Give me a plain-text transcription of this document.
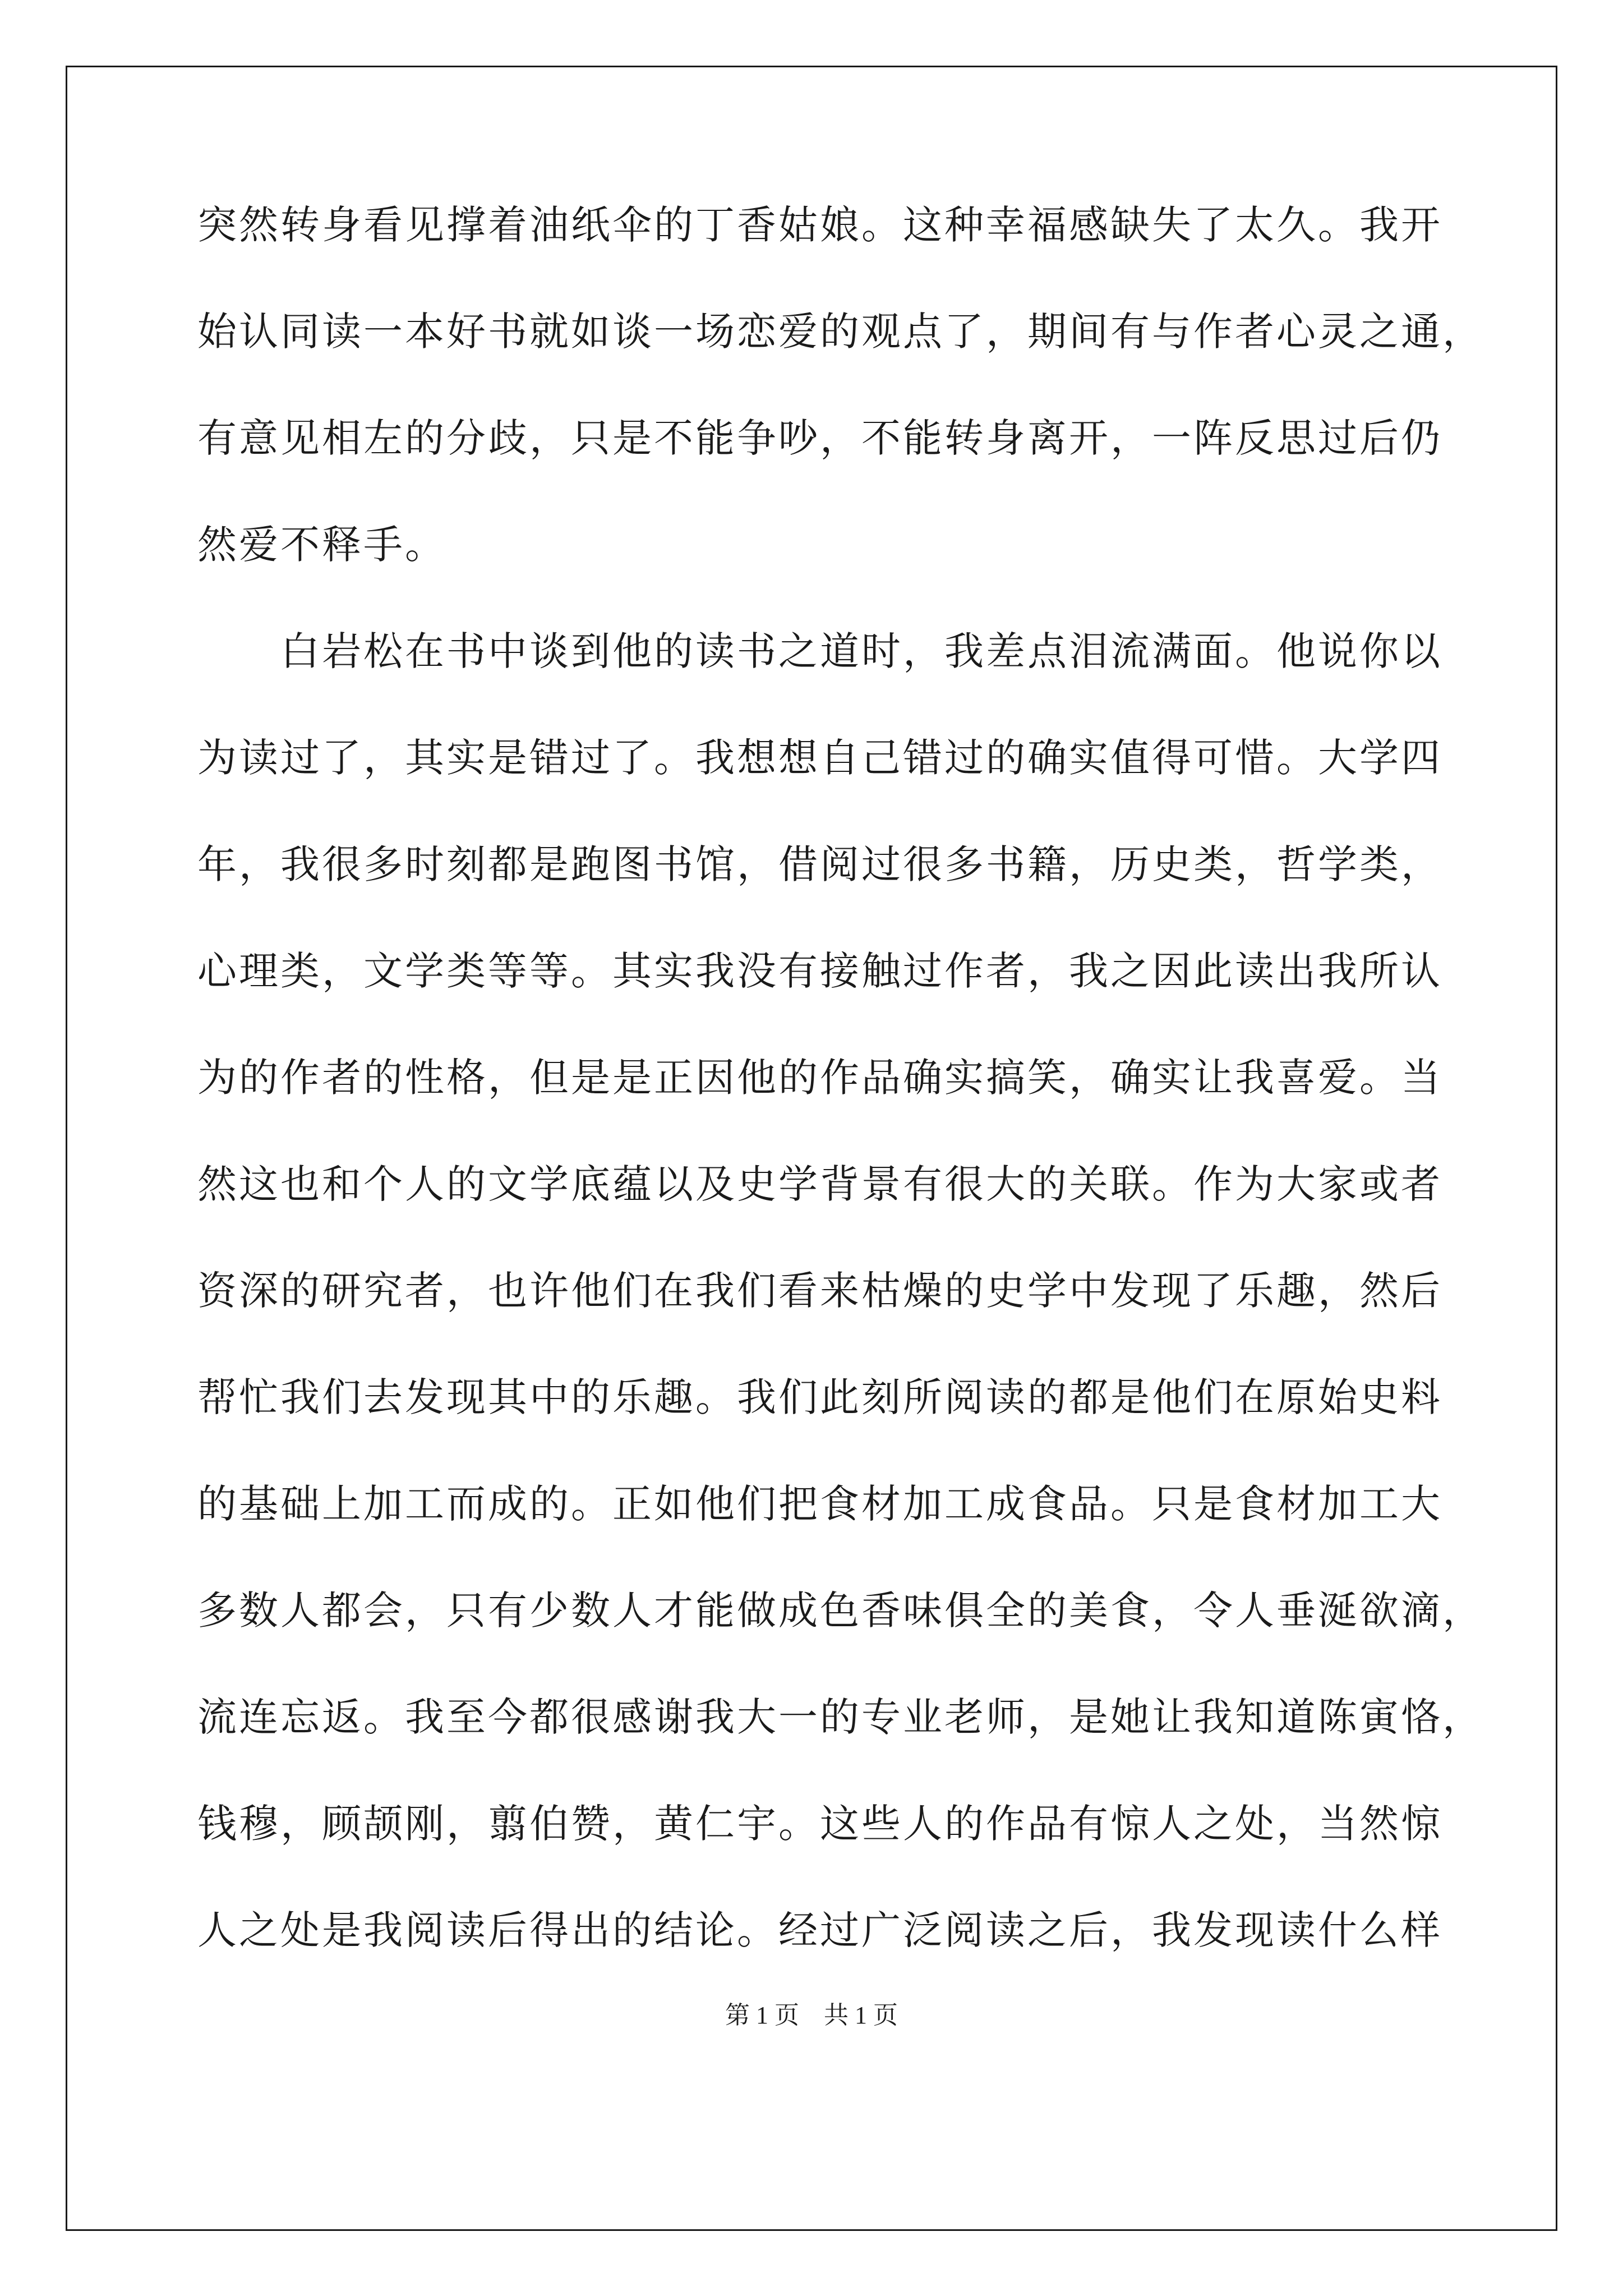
突然转身看见撑着油纸伞的丁香姑娘。这种幸福感缺失了太久。我开
始认同读一本好书就如谈一场恋爱的观点了，期间有与作者心灵之通，
有意见相左的分歧，只是不能争吵，不能转身离开，一阵反思过后仍
然爱不释手。
　　白岩松在书中谈到他的读书之道时，我差点泪流满面。他说你以
为读过了，其实是错过了。我想想自己错过的确实值得可惜。大学四
年，我很多时刻都是跑图书馆，借阅过很多书籍，历史类，哲学类，
心理类，文学类等等。其实我没有接触过作者，我之因此读出我所认
为的作者的性格，但是是正因他的作品确实搞笑，确实让我喜爱。当
然这也和个人的文学底蕴以及史学背景有很大的关联。作为大家或者
资深的研究者，也许他们在我们看来枯燥的史学中发现了乐趣，然后
帮忙我们去发现其中的乐趣。我们此刻所阅读的都是他们在原始史料
的基础上加工而成的。正如他们把食材加工成食品。只是食材加工大
多数人都会，只有少数人才能做成色香味俱全的美食，令人垂涎欲滴，
流连忘返。我至今都很感谢我大一的专业老师，是她让我知道陈寅恪，
钱穆，顾颉刚，翦伯赞，黄仁宇。这些人的作品有惊人之处，当然惊
人之处是我阅读后得出的结论。经过广泛阅读之后，我发现读什么样
第 1 页 共 1 页
